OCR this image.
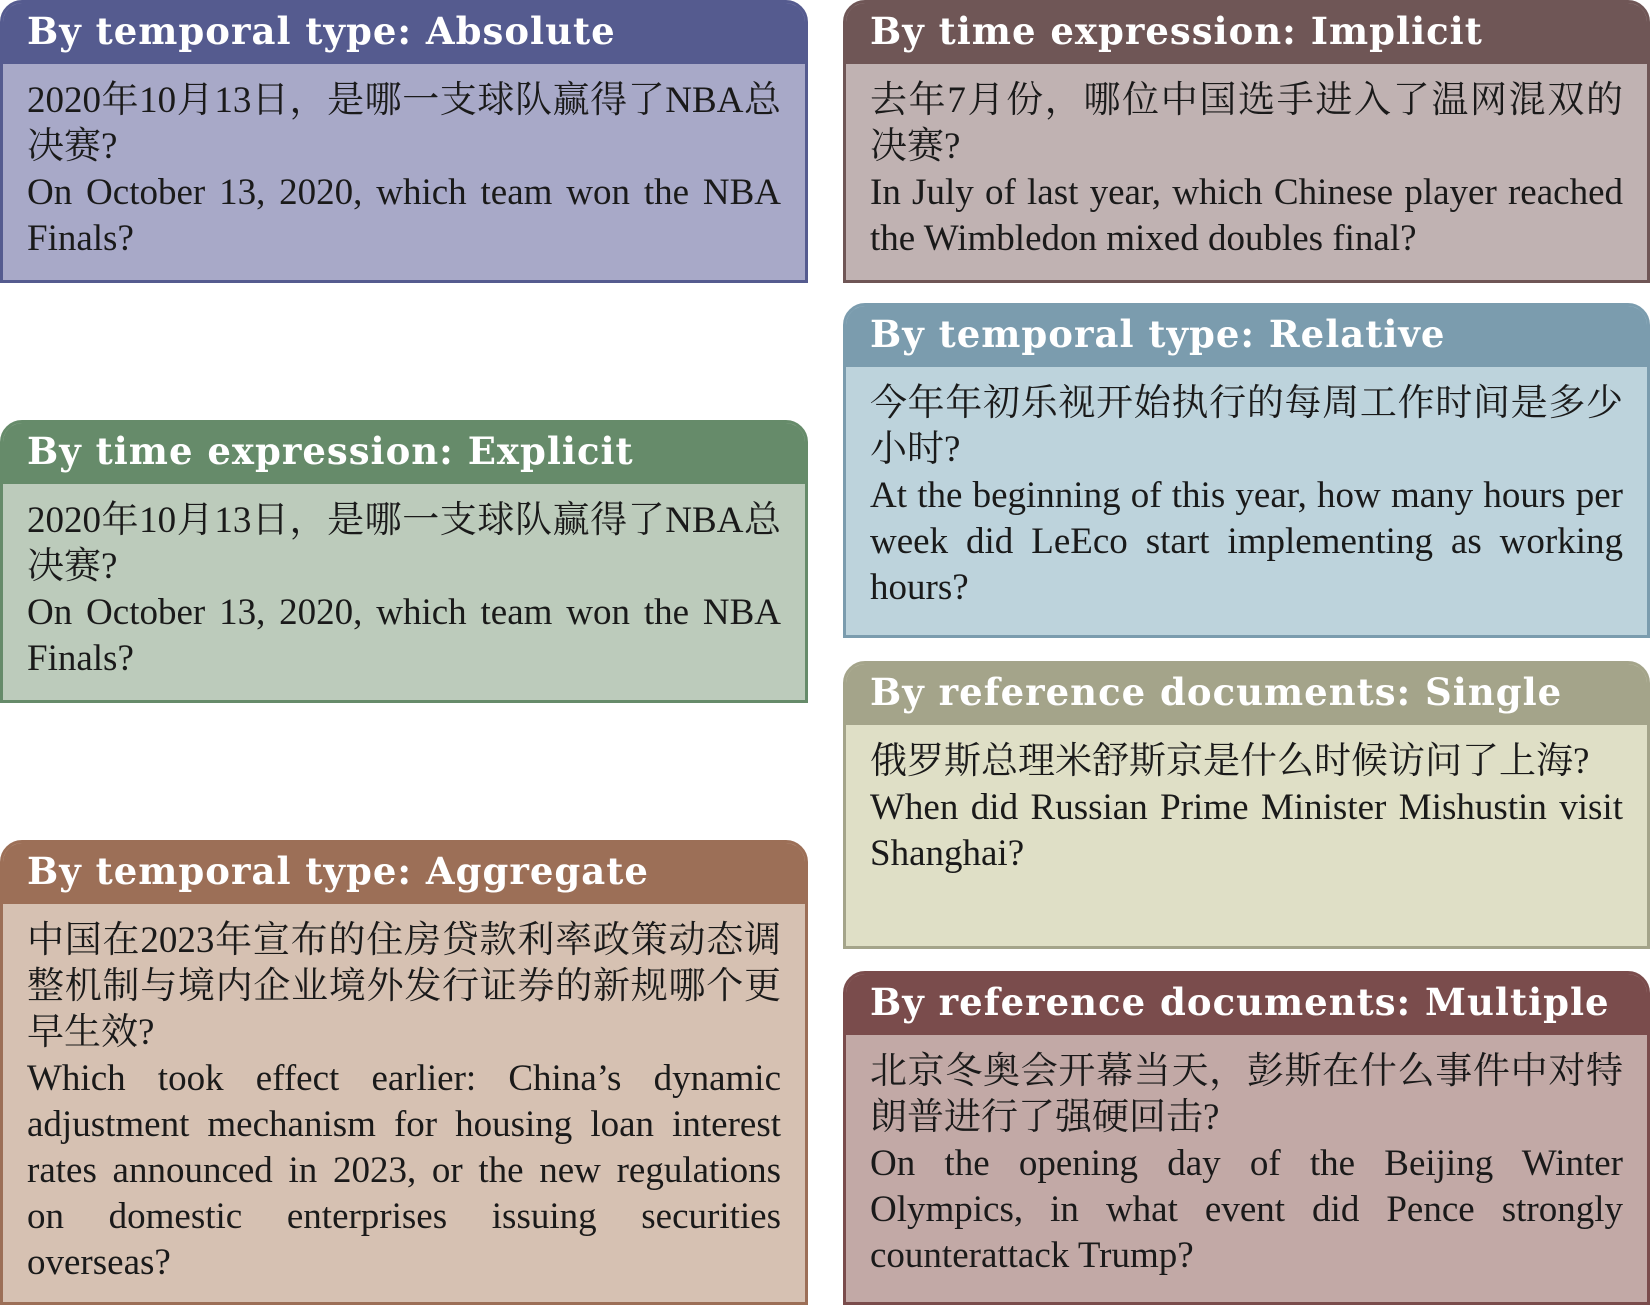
By temporal type: Absolute

2020年10月13日，是哪一支球队赢得了NBA总决赛?

On October 13, 2020, which team won the NBA Finals?

By time expression: Explicit

2020年10月13日，是哪一支球队赢得了NBA总决赛?

On October 13, 2020, which team won the NBA Finals?

By temporal type: Aggregate

中国在2023年宣布的住房贷款利率政策动态调整机制与境内企业境外发行证券的新规哪个更早生效?

Which took effect earlier: China’s dynamic adjustment mechanism for housing loan interest rates announced in 2023, or the new regulations on domestic enterprises issuing securities overseas?

By time expression: Implicit

去年7月份，哪位中国选手进入了温网混双的决赛?

In July of last year, which Chinese player reached the Wimbledon mixed doubles final?

By temporal type: Relative

今年年初乐视开始执行的每周工作时间是多少小时?

At the beginning of this year, how many hours per week did LeEco start implementing as working hours?

By reference documents: Single

俄罗斯总理米舒斯京是什么时候访问了上海?

When did Russian Prime Minister Mishustin visit Shanghai?

By reference documents: Multiple

北京冬奥会开幕当天，彭斯在什么事件中对特朗普进行了强硬回击?

On the opening day of the Beijing Winter Olympics, in what event did Pence strongly counterattack Trump?
